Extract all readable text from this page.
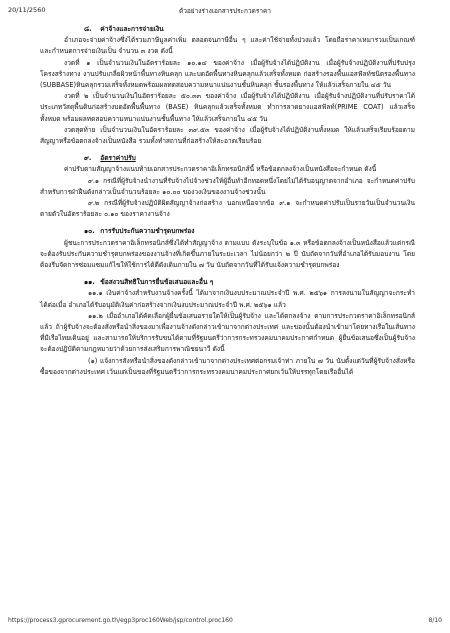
20/11/2560	ตัวอย่างร่างเอกสารประกวดราคา

๘. ค่าจ้างและการจ่ายเงิน

อำเภอจะจ่ายค่าจ้างซึ่งได้รวมภาษีมูลค่าเพิ่ม ตลอดจนภาษีอื่น ๆ และค่าใช้จ่ายทั้งปวงแล้ว โดยถือราคาเหมารวมเป็นเกณฑ์ และกำหนดการจ่ายเงินเป็น จำนวน ๓ งวด ดังนี้

งวดที่ ๑ เป็นจำนวนเงินในอัตราร้อยละ ๑๐.๑๔ ของค่าจ้าง เมื่อผู้รับจ้างได้ปฏิบัติงาน เมื่อผู้รับจ้างปฏิบัติงานที่ปรับปรุงโครงสร้างทาง งานปรับเกลี่ยผิวหน้าพื้นทางหินคลุก และบดอัดพื้นทางหินคลุกแล้วเสร็จทั้งหมด ก่อสร้างรองพื้นแอสฟัลท์ชนิดรองพื้นทาง (SUBBASE)หินคลุกรวมเสร็จทั้งหมดพร้อมผลทดสอบความหนาแน่นงานชั้นหินคลุก ชั้นรองพื้นทาง ให้แล้วเสร็จภายใน ๔๕ วัน

งวดที่ ๒ เป็นจำนวนเงินในอัตราร้อยละ ๕๐.๓๓ ของค่าจ้าง เมื่อผู้รับจ้างได้ปฏิบัติงาน เมื่อผู้รับจ้างปฏิบัติงานที่ปรับราคาได้ประเภทวัสดุพื้นดินก่อสร้างบดอัดพื้นพื้นทาง (BASE) หินคลุกแล้วเสร็จทั้งหมด ทำการลาดยางแอสฟัลท์(PRIME COAT) แล้วเสร็จทั้งหมด พร้อมผลทดสอบความหนาแน่นงานชั้นพื้นทาง ให้แล้วเสร็จภายใน ๔๕ วัน

งวดสุดท้าย เป็นจำนวนเงินในอัตราร้อยละ ๓๙.๕๓ ของค่าจ้าง เมื่อผู้รับจ้างได้ปฏิบัติงานทั้งหมด ให้แล้วเสร็จเรียบร้อยตามสัญญาหรือข้อตกลงจ้างเป็นหนังสือ รวมทั้งทำสถานที่ก่อสร้างให้สะอาดเรียบร้อย

๙. อัตราค่าปรับ

ค่าปรับตามสัญญาจ้างแนบท้ายเอกสารประกวดราคาอิเล็กทรอนิกส์นี้ หรือข้อตกลงจ้างเป็นหนังสือจะกำหนด ดังนี้

๙.๑ กรณีที่ผู้รับจ้างนำงานที่รับจ้างไปจ้างช่วงให้ผู้อื่นทำอีกทอดหนึ่งโดยไม่ได้รับอนุญาตจากอำเภอ จะกำหนดค่าปรับสำหรับการฝ่าฝืนดังกล่าวเป็นจำนวนร้อยละ ๑๐.๐๐ ของวงเงินของงานจ้างช่วงนั้น

๙.๒ กรณีที่ผู้รับจ้างปฏิบัติผิดสัญญาจ้างก่อสร้าง นอกเหนือจากข้อ ๙.๑ จะกำหนดค่าปรับเป็นรายวันเป็นจำนวนเงินตายตัวในอัตราร้อยละ ๐.๑๐ ของราคางานจ้าง

๑๐. การรับประกันความชำรุดบกพร่อง

ผู้ชนะการประกวดราคาอิเล็กทรอนิกส์ซึ่งได้ทำสัญญาจ้าง ตามแบบ ดังระบุในข้อ ๑.๓ หรือข้อตกลงจ้างเป็นหนังสือแล้วแต่กรณี จะต้องรับประกันความชำรุดบกพร่องของงานจ้างที่เกิดขึ้นภายในระยะเวลา ไม่น้อยกว่า ๒ ปี นับถัดจากวันที่อำเภอได้รับมอบงาน โดยต้องรีบจัดการซ่อมแซมแก้ไขให้ใช้การได้ดีดังเดิมภายใน ๗ วัน นับถัดจากวันที่ได้รับแจ้งความชำรุดบกพร่อง

๑๑. ข้อสงวนสิทธิในการยื่นข้อเสนอและอื่น ๆ

๑๑.๑ เงินค่าจ้างสำหรับงานจ้างครั้งนี้ ได้มาจากเงินงบประมาณประจำปี พ.ศ. ๒๕๖๑ การลงนามในสัญญาจะกระทำได้ต่อเมื่อ อำเภอได้รับอนุมัติเงินค่าก่อสร้างจากเงินงบประมาณประจำปี พ.ศ. ๒๕๖๑ แล้ว

๑๑.๒ เมื่ออำเภอได้คัดเลือกผู้ยื่นข้อเสนอรายใดให้เป็นผู้รับจ้าง และได้ตกลงจ้าง ตามการประกวดราคาอิเล็กทรอนิกส์แล้ว ถ้าผู้รับจ้างจะต้องสั่งหรือนำสิ่งของมาเพื่องานจ้างดังกล่าวเข้ามาจากต่างประเทศ และของนั้นต้องนำเข้ามาโดยทางเรือในเส้นทางที่มีเรือไทยเดินอยู่ และสามารถให้บริการรับขนได้ตามที่รัฐมนตรีว่าการกระทรวงคมนาคมประกาศกำหนด ผู้ยื่นข้อเสนอซึ่งเป็นผู้รับจ้างจะต้องปฏิบัติตามกฎหมายว่าด้วยการส่งเสริมการพาณิชยนาวี ดังนี้

(๑) แจ้งการสั่งหรือนำสิ่งของดังกล่าวเข้ามาจากต่างประเทศต่อกรมเจ้าท่า ภายใน ๗ วัน นับตั้งแต่วันที่ผู้รับจ้างสั่งหรือซื้อของจากต่างประเทศ เว้นแต่เป็นของที่รัฐมนตรีว่าการกระทรวงคมนาคมประกาศยกเว้นให้บรรทุกโดยเรืออื่นได้

https://process3.gprocurement.go.th/egp3proc160Web/jsp/control.proc160	8/10
